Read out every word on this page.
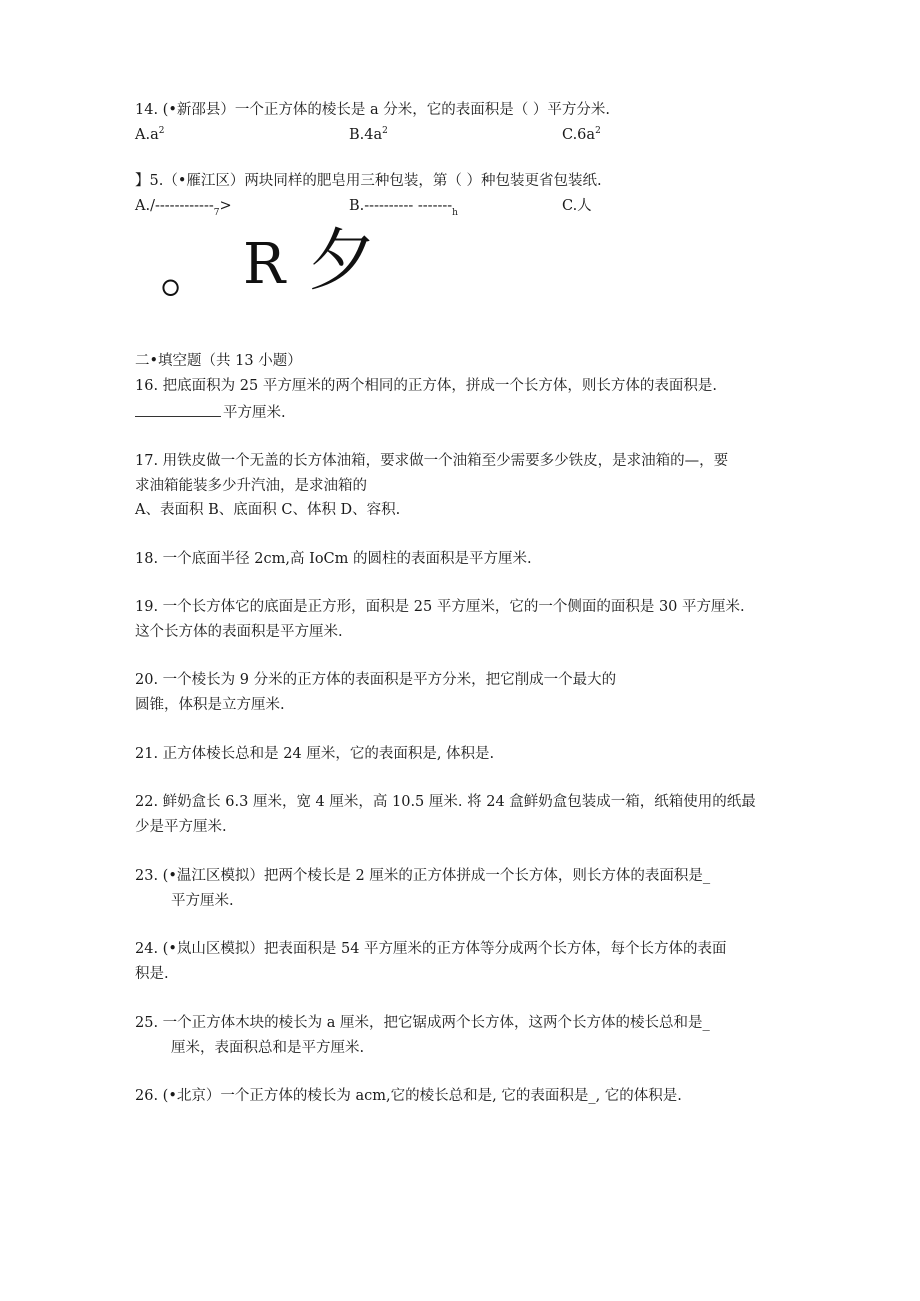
14. (•新邵县）一个正方体的棱长是 a 分米，它的表面积是（ ）平方分米.
$A.a^2$	$B.4a^2$	$C.6a^2$
】5.（•雁江区）两块同样的肥皂用三种包装，第（ ）种包装更省包装纸.
$A./------------_7>$	B.---------- $-------_h$	C.人
。 R 夕
二•填空题（共 13 小题）
16. 把底面积为 25 平方厘米的两个相同的正方体，拼成一个长方体，则长方体的表面积是.
平方厘米.
17. 用铁皮做一个无盖的长方体油箱，要求做一个油箱至少需要多少铁皮，是求油箱的—，要
求油箱能装多少升汽油，是求油箱的
A、表面积 B、底面积 C、体积 D、容积.
18. 一个底面半径 2cm,高 IoCm 的圆柱的表面积是平方厘米.
19. 一个长方体它的底面是正方形，面积是 25 平方厘米，它的一个侧面的面积是 30 平方厘米.
这个长方体的表面积是平方厘米.
20. 一个棱长为 9 分米的正方体的表面积是平方分米，把它削成一个最大的
圆锥，体积是立方厘米.
21. 正方体棱长总和是 24 厘米，它的表面积是, 体积是.
22. 鲜奶盒长 6.3 厘米，宽 4 厘米，高 10.5 厘米. 将 24 盒鲜奶盒包装成一箱，纸箱使用的纸最
少是平方厘米.
23. (•温江区模拟）把两个棱长是 2 厘米的正方体拼成一个长方体，则长方体的表面积是_
平方厘米.
24. (•岚山区模拟）把表面积是 54 平方厘米的正方体等分成两个长方体，每个长方体的表面
积是.
25. 一个正方体木块的棱长为 a 厘米，把它锯成两个长方体，这两个长方体的棱长总和是_
厘米，表面积总和是平方厘米.
26. (•北京）一个正方体的棱长为 acm,它的棱长总和是, 它的表面积是_, 它的体积是.
